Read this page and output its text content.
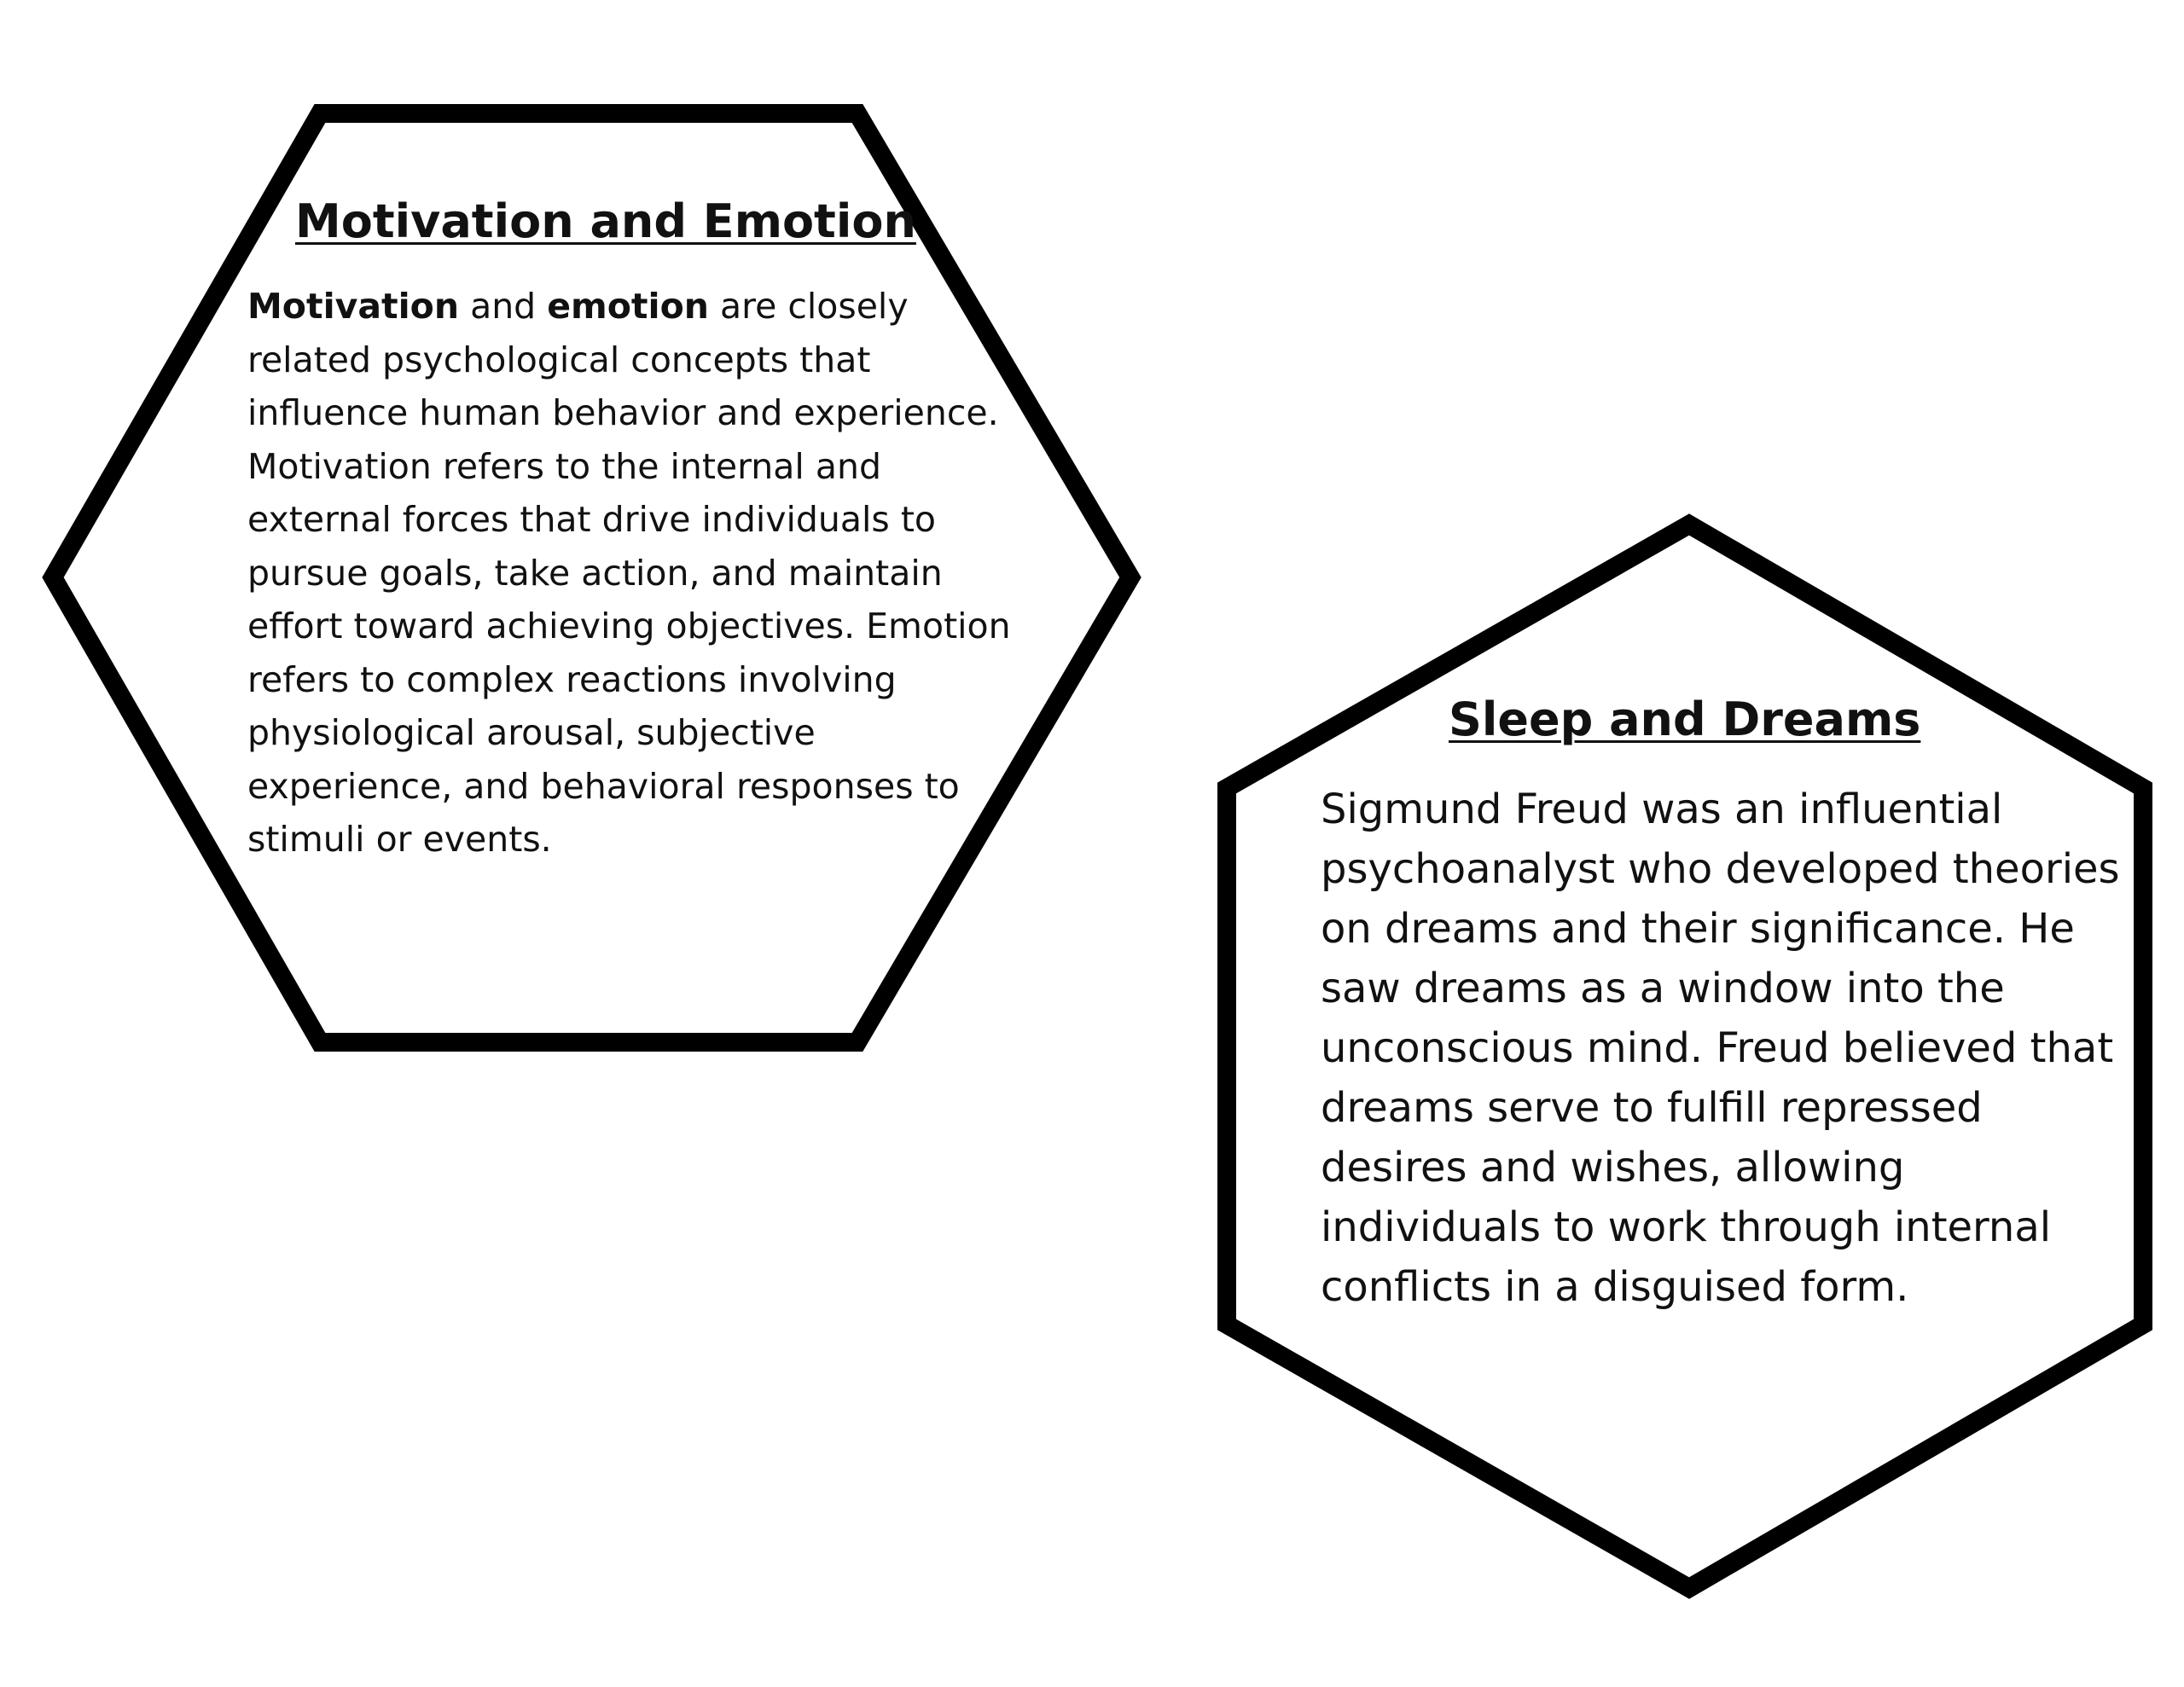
Motivation and Emotion

Motivation and emotion are closely related psychological concepts that influence human behavior and experience. Motivation refers to the internal and external forces that drive individuals to pursue goals, take action, and maintain effort toward achieving objectives. Emotion refers to complex reactions involving physiological arousal, subjective experience, and behavioral responses to stimuli or events.

Sleep and Dreams

Sigmund Freud was an influential psychoanalyst who developed theories on dreams and their significance. He saw dreams as a window into the unconscious mind. Freud believed that dreams serve to fulfill repressed desires and wishes, allowing individuals to work through internal conflicts in a disguised form.
